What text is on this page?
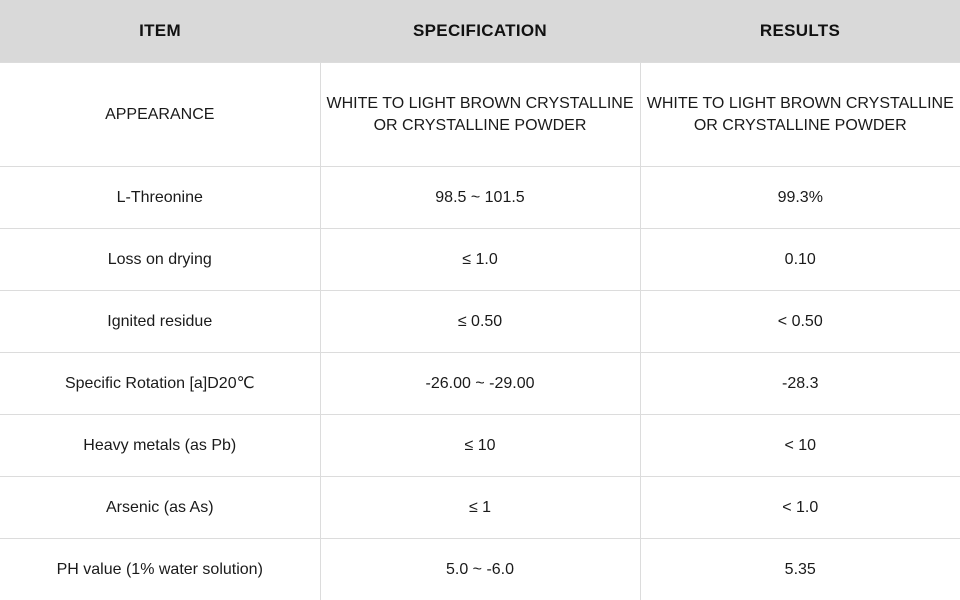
ITEM	SPECIFICATION	RESULTS
APPEARANCE	WHITE TO LIGHT BROWN CRYSTALLINE OR CRYSTALLINE POWDER	WHITE TO LIGHT BROWN CRYSTALLINE OR CRYSTALLINE POWDER
L-Threonine	98.5 ~ 101.5	99.3%
Loss on drying	≤ 1.0	0.10
Ignited residue	≤ 0.50	< 0.50
Specific Rotation [a]D20℃	-26.00 ~ -29.00	-28.3
Heavy metals (as Pb)	≤ 10	< 10
Arsenic (as As)	≤ 1	< 1.0
PH value (1% water solution)	5.0 ~ -6.0	5.35
